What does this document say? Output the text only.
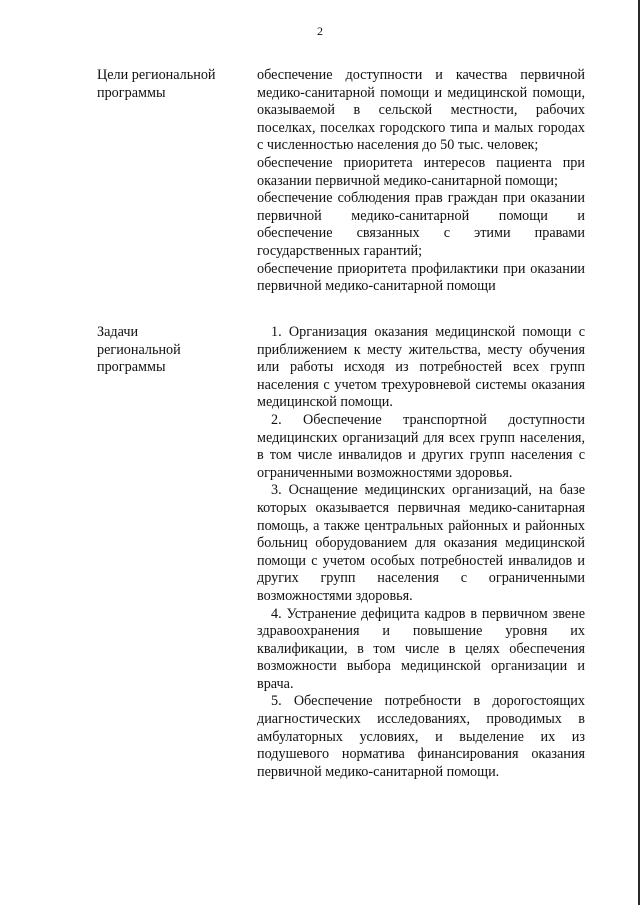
2
Цели региональной программы

обеспечение доступности и качества первичной медико-санитарной помощи и медицинской помощи, оказываемой в сельской местности, рабочих поселках, поселках городского типа и малых городах с численностью населения до 50 тыс. человек;

обеспечение приоритета интересов пациента при оказании первичной медико-санитарной помощи;

обеспечение соблюдения прав граждан при оказании первичной медико-санитарной помощи и обеспечение связанных с этими правами государственных гарантий;

обеспечение приоритета профилактики при оказании первичной медико-санитарной помощи

Задачи региональной программы

1. Организация оказания медицинской помощи с приближением к месту жительства, месту обучения или работы исходя из потребностей всех групп населения с учетом трехуровневой системы оказания медицинской помощи.

2. Обеспечение транспортной доступности медицинских организаций для всех групп населения, в том числе инвалидов и других групп населения с ограниченными возможностями здоровья.

3. Оснащение медицинских организаций, на базе которых оказывается первичная медико-санитарная помощь, а также центральных районных и районных больниц оборудованием для оказания медицинской помощи с учетом особых потребностей инвалидов и других групп населения с ограниченными возможностями здоровья.

4. Устранение дефицита кадров в первичном звене здравоохранения и повышение уровня их квалификации, в том числе в целях обеспечения возможности выбора медицинской организации и врача.

5. Обеспечение потребности в дорогостоящих диагностических исследованиях, проводимых в амбулаторных условиях, и выделение их из подушевого норматива финансирования оказания первичной медико-санитарной помощи.
